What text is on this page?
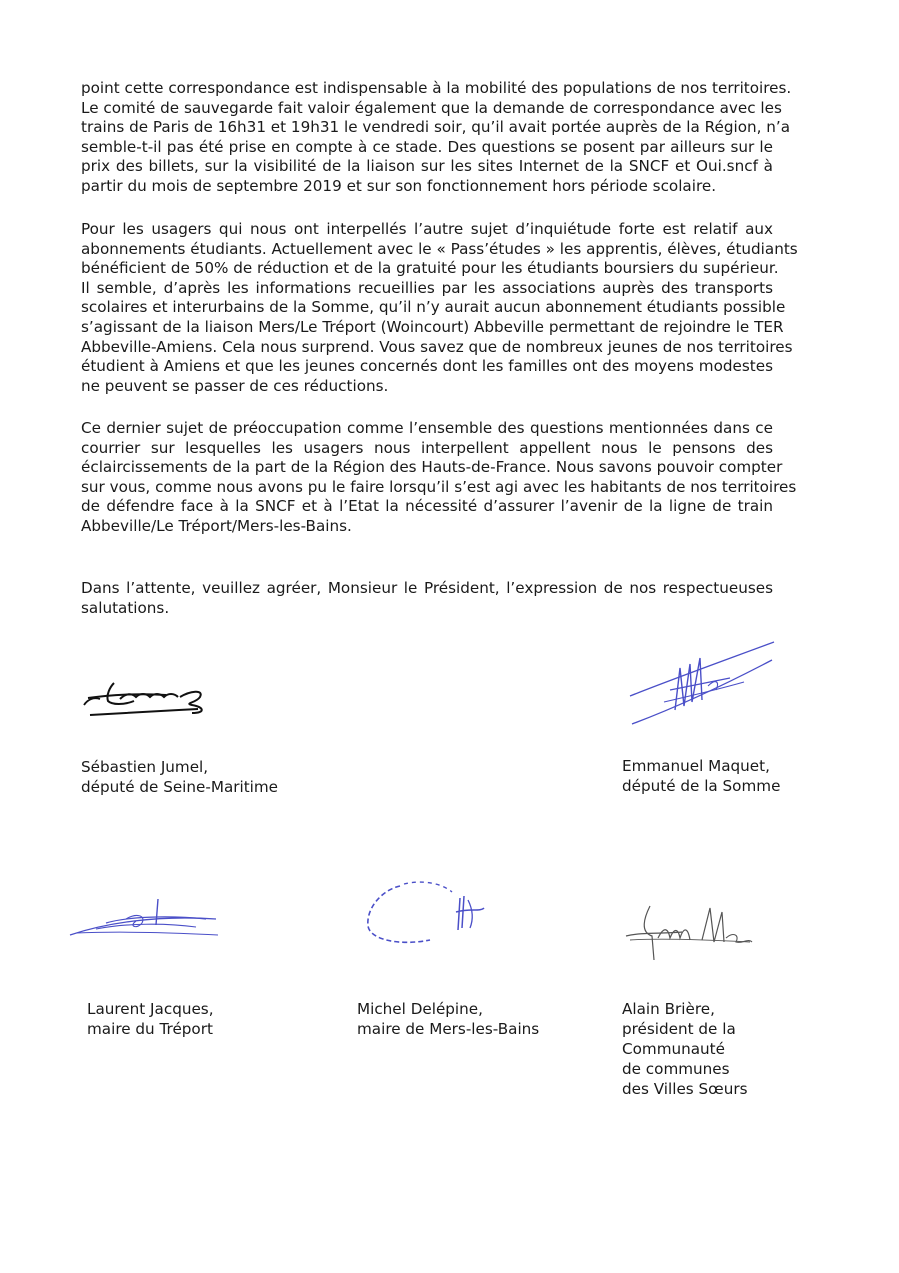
point cette correspondance est indispensable à la mobilité des populations de nos territoires.
Le comité de sauvegarde fait valoir également que la demande de correspondance avec les
trains de Paris de 16h31 et 19h31 le vendredi soir, qu’il avait portée auprès de la Région, n’a
semble-t-il pas été prise en compte à ce stade. Des questions se posent par ailleurs sur le
prix des billets, sur la visibilité de la liaison sur les sites Internet de la SNCF et Oui.sncf à
partir du mois de septembre 2019 et sur son fonctionnement hors période scolaire.
Pour les usagers qui nous ont interpellés l’autre sujet d’inquiétude forte est relatif aux
abonnements étudiants. Actuellement avec le « Pass’études » les apprentis, élèves, étudiants
bénéficient de 50% de réduction et de la gratuité pour les étudiants boursiers du supérieur.
Il semble, d’après les informations recueillies par les associations auprès des transports
scolaires et interurbains de la Somme, qu’il n’y aurait aucun abonnement étudiants possible
s’agissant de la liaison Mers/Le Tréport (Woincourt) Abbeville permettant de rejoindre le TER
Abbeville-Amiens. Cela nous surprend. Vous savez que de nombreux jeunes de nos territoires
étudient à Amiens et que les jeunes concernés dont les familles ont des moyens modestes
ne peuvent se passer de ces réductions.
Ce dernier sujet de préoccupation comme l’ensemble des questions mentionnées dans ce
courrier sur lesquelles les usagers nous interpellent appellent nous le pensons des
éclaircissements de la part de la Région des Hauts-de-France. Nous savons pouvoir compter
sur vous, comme nous avons pu le faire lorsqu’il s’est agi avec les habitants de nos territoires
de défendre face à la SNCF et à l’Etat la nécessité d’assurer l’avenir de la ligne de train
Abbeville/Le Tréport/Mers-les-Bains.
Dans l’attente, veuillez agréer, Monsieur le Président, l’expression de nos respectueuses
salutations.
Sébastien Jumel,
député de Seine-Maritime
Emmanuel Maquet,
député de la Somme
Laurent Jacques,
maire du Tréport
Michel Delépine,
maire de Mers-les-Bains
Alain Brière,
président de la
Communauté
de communes
des Villes Sœurs
